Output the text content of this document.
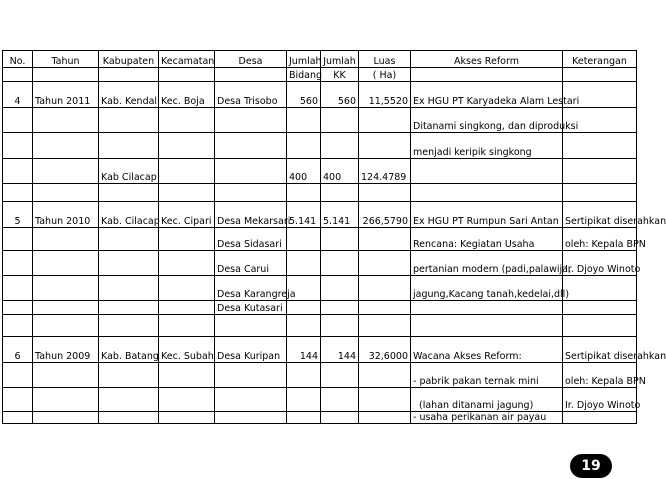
No.	Tahun	Kabupaten	Kecamatan	Desa	Jumlah	Jumlah	Luas	Akses Reform	Keterangan
					Bidang	KK	( Ha)		
4	Tahun 2011	Kab. Kendal	Kec. Boja	Desa Trisobo	560	560	11,5520	Ex HGU PT Karyadeka Alam Lestari	
								Ditanami singkong, dan diproduksi	
								menjadi keripik singkong	
		Kab Cilacap			400	400	124.4789		

5	Tahun 2010	Kab. Cilacap	Kec. Cipari	Desa Mekarsari	5.141	5.141	266,5790	Ex HGU PT Rumpun Sari Antan	Sertipikat diserahkan
				Desa Sidasari				Rencana: Kegiatan Usaha	oleh: Kepala BPN
				Desa Carui				pertanian modern (padi,palawija,	Ir. Djoyo Winoto
				Desa Karangreja				jagung,Kacang tanah,kedelai,dll)	
				Desa Kutasari					

6	Tahun 2009	Kab. Batang	Kec. Subah	Desa Kuripan	144	144	32,6000	Wacana Akses Reform:	Sertipikat diserahkan
								- pabrik pakan ternak mini	oleh: Kepala BPN
								(lahan ditanami jagung)	Ir. Djoyo Winoto
								- usaha perikanan air payau	
19
